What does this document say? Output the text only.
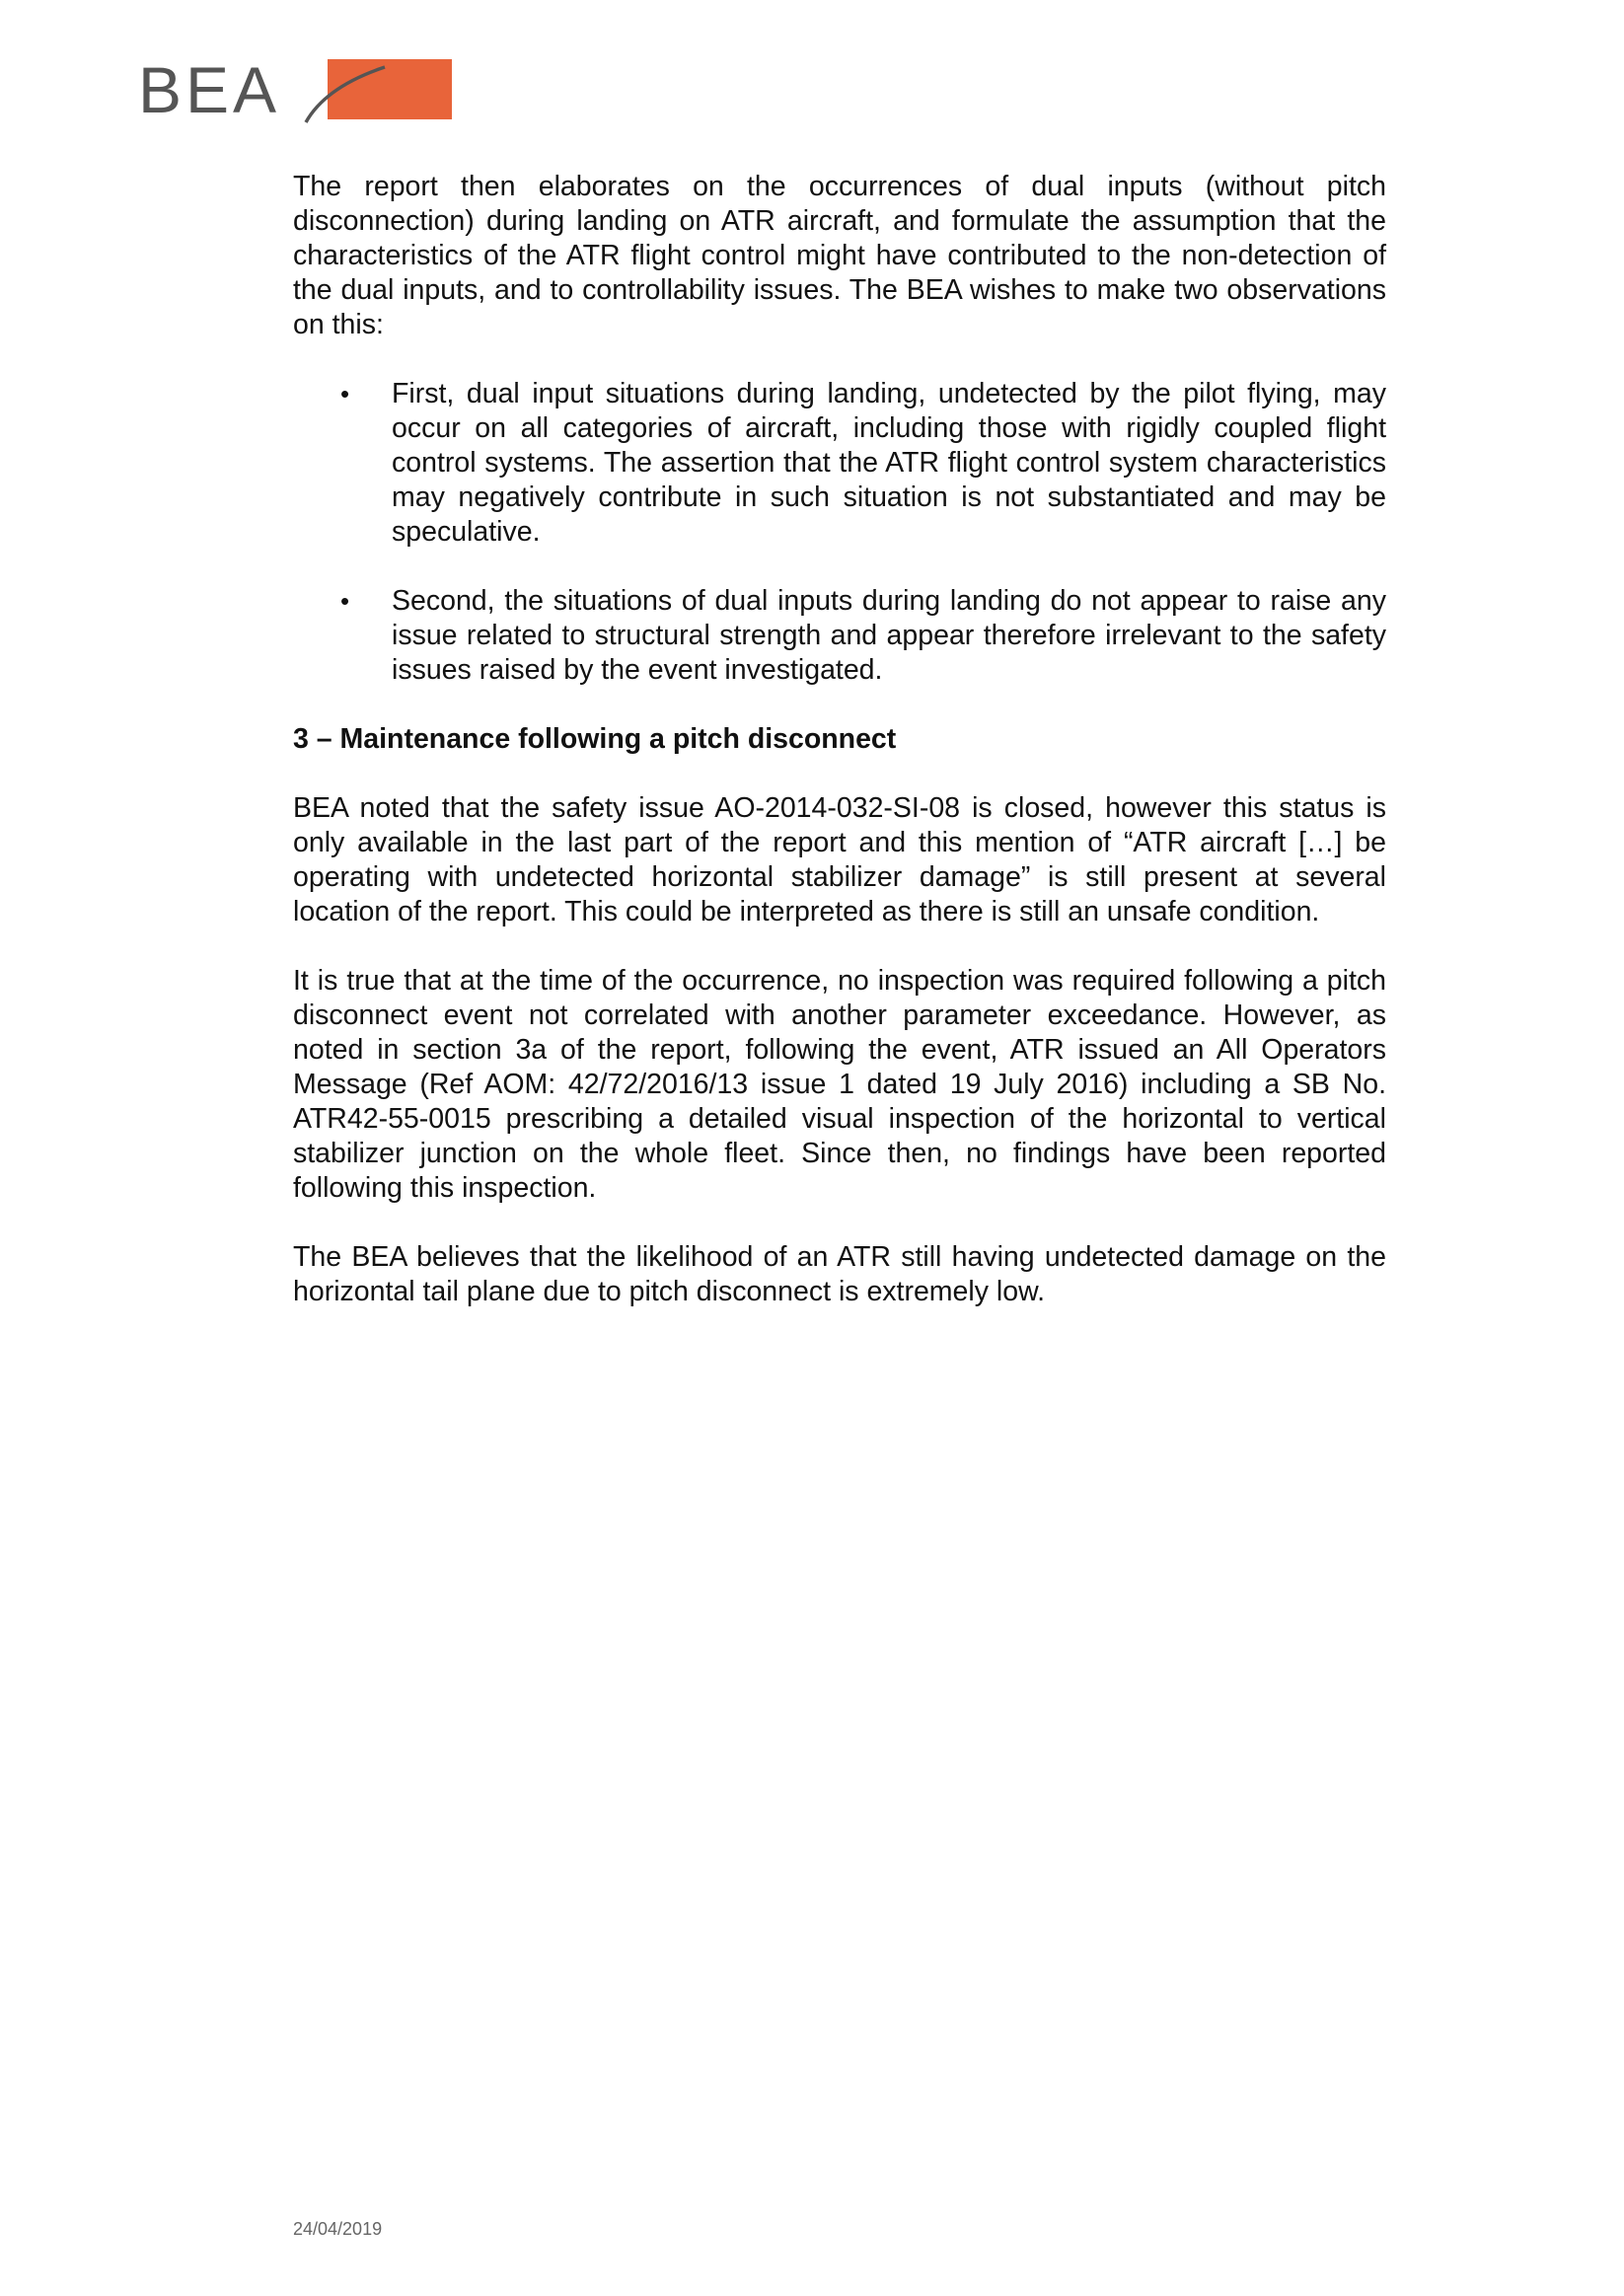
BEA

The report then elaborates on the occurrences of dual inputs (without pitch disconnection) during landing on ATR aircraft, and formulate the assumption that the characteristics of the ATR flight control might have contributed to the non-detection of the dual inputs, and to controllability issues. The BEA wishes to make two observations on this:

• First, dual input situations during landing, undetected by the pilot flying, may occur on all categories of aircraft, including those with rigidly coupled flight control systems. The assertion that the ATR flight control system characteristics may negatively contribute in such situation is not substantiated and may be speculative.
• Second, the situations of dual inputs during landing do not appear to raise any issue related to structural strength and appear therefore irrelevant to the safety issues raised by the event investigated.
3 – Maintenance following a pitch disconnect

BEA noted that the safety issue AO-2014-032-SI-08 is closed, however this status is only available in the last part of the report and this mention of “ATR aircraft […] be operating with undetected horizontal stabilizer damage” is still present at several location of the report. This could be interpreted as there is still an unsafe condition.

It is true that at the time of the occurrence, no inspection was required following a pitch disconnect event not correlated with another parameter exceedance. However, as noted in section 3a of the report, following the event, ATR issued an All Operators Message (Ref AOM: 42/72/2016/13 issue 1 dated 19 July 2016) including a SB No. ATR42-55-0015 prescribing a detailed visual inspection of the horizontal to vertical stabilizer junction on the whole fleet. Since then, no findings have been reported following this inspection.

The BEA believes that the likelihood of an ATR still having undetected damage on the horizontal tail plane due to pitch disconnect is extremely low.

24/04/2019
